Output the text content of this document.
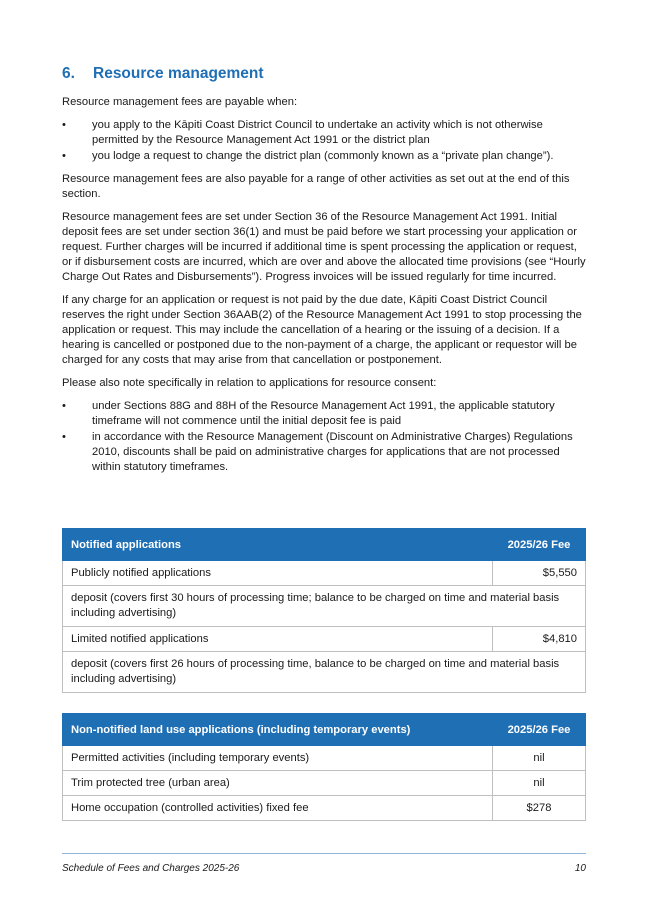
6. Resource management

Resource management fees are payable when:

• you apply to the Kāpiti Coast District Council to undertake an activity which is not otherwise permitted by the Resource Management Act 1991 or the district plan
• you lodge a request to change the district plan (commonly known as a “private plan change”).

Resource management fees are also payable for a range of other activities as set out at the end of this section.

Resource management fees are set under Section 36 of the Resource Management Act 1991. Initial deposit fees are set under section 36(1) and must be paid before we start processing your application or request. Further charges will be incurred if additional time is spent processing the application or request, or if disbursement costs are incurred, which are over and above the allocated time provisions (see “Hourly Charge Out Rates and Disbursements”). Progress invoices will be issued regularly for time incurred.

If any charge for an application or request is not paid by the due date, Kāpiti Coast District Council reserves the right under Section 36AAB(2) of the Resource Management Act 1991 to stop processing the application or request. This may include the cancellation of a hearing or the issuing of a decision. If a hearing is cancelled or postponed due to the non-payment of a charge, the applicant or requestor will be charged for any costs that may arise from that cancellation or postponement.

Please also note specifically in relation to applications for resource consent:

• under Sections 88G and 88H of the Resource Management Act 1991, the applicable statutory timeframe will not commence until the initial deposit fee is paid
• in accordance with the Resource Management (Discount on Administrative Charges) Regulations 2010, discounts shall be paid on administrative charges for applications that are not processed within statutory timeframes.
Notified applications	2025/26 Fee
Publicly notified applications	$5,550
deposit (covers first 30 hours of processing time; balance to be charged on time and material basis including advertising)	
Limited notified applications	$4,810
deposit (covers first 26 hours of processing time, balance to be charged on time and material basis including advertising)	
Non-notified land use applications (including temporary events)	2025/26 Fee
Permitted activities (including temporary events)	nil
Trim protected tree (urban area)	nil
Home occupation (controlled activities) fixed fee	$278
Schedule of Fees and Charges 2025-26	10
